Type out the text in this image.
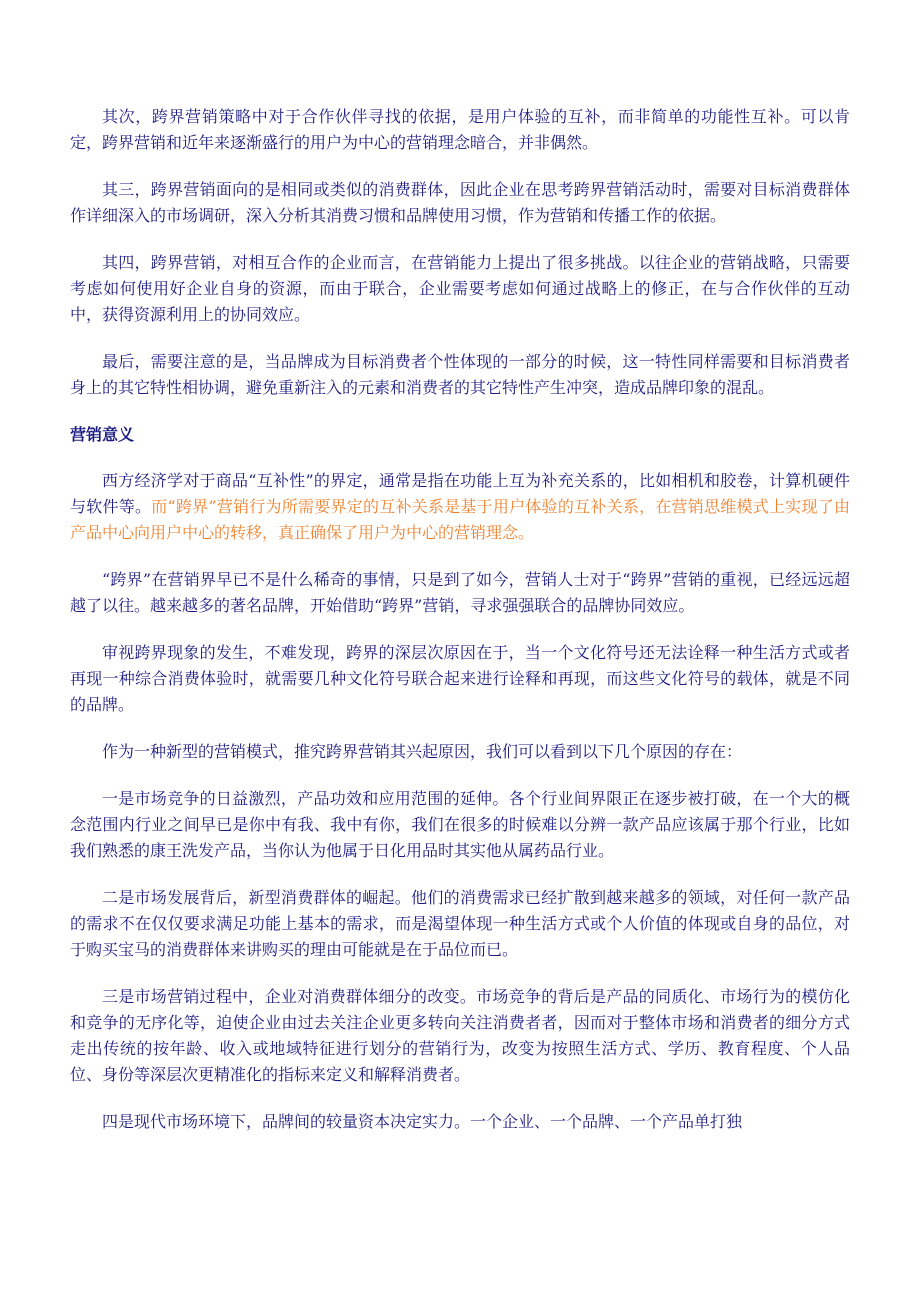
其次，跨界营销策略中对于合作伙伴寻找的依据，是用户体验的互补，而非简单的功能性互补。可以肯定，跨界营销和近年来逐渐盛行的用户为中心的营销理念暗合，并非偶然。

其三，跨界营销面向的是相同或类似的消费群体，因此企业在思考跨界营销活动时，需要对目标消费群体作详细深入的市场调研，深入分析其消费习惯和品牌使用习惯，作为营销和传播工作的依据。

其四，跨界营销，对相互合作的企业而言，在营销能力上提出了很多挑战。以往企业的营销战略，只需要考虑如何使用好企业自身的资源，而由于联合，企业需要考虑如何通过战略上的修正，在与合作伙伴的互动中，获得资源利用上的协同效应。

最后，需要注意的是，当品牌成为目标消费者个性体现的一部分的时候，这一特性同样需要和目标消费者身上的其它特性相协调，避免重新注入的元素和消费者的其它特性产生冲突，造成品牌印象的混乱。

营销意义

西方经济学对于商品“互补性”的界定，通常是指在功能上互为补充关系的，比如相机和胶卷，计算机硬件与软件等。而“跨界”营销行为所需要界定的互补关系是基于用户体验的互补关系，在营销思维模式上实现了由产品中心向用户中心的转移，真正确保了用户为中心的营销理念。

“跨界”在营销界早已不是什么稀奇的事情，只是到了如今，营销人士对于“跨界”营销的重视，已经远远超越了以往。越来越多的著名品牌，开始借助“跨界”营销，寻求强强联合的品牌协同效应。

审视跨界现象的发生，不难发现，跨界的深层次原因在于，当一个文化符号还无法诠释一种生活方式或者再现一种综合消费体验时，就需要几种文化符号联合起来进行诠释和再现，而这些文化符号的载体，就是不同的品牌。

作为一种新型的营销模式，推究跨界营销其兴起原因，我们可以看到以下几个原因的存在：

一是市场竞争的日益激烈，产品功效和应用范围的延伸。各个行业间界限正在逐步被打破，在一个大的概念范围内行业之间早已是你中有我、我中有你，我们在很多的时候难以分辨一款产品应该属于那个行业，比如我们熟悉的康王洗发产品，当你认为他属于日化用品时其实他从属药品行业。

二是市场发展背后，新型消费群体的崛起。他们的消费需求已经扩散到越来越多的领域，对任何一款产品的需求不在仅仅要求满足功能上基本的需求，而是渴望体现一种生活方式或个人价值的体现或自身的品位，对于购买宝马的消费群体来讲购买的理由可能就是在于品位而已。

三是市场营销过程中，企业对消费群体细分的改变。市场竞争的背后是产品的同质化、市场行为的模仿化和竞争的无序化等，迫使企业由过去关注企业更多转向关注消费者者，因而对于整体市场和消费者的细分方式走出传统的按年龄、收入或地域特征进行划分的营销行为，改变为按照生活方式、学历、教育程度、个人品位、身份等深层次更精准化的指标来定义和解释消费者。

四是现代市场环境下，品牌间的较量资本决定实力。一个企业、一个品牌、一个产品单打独
